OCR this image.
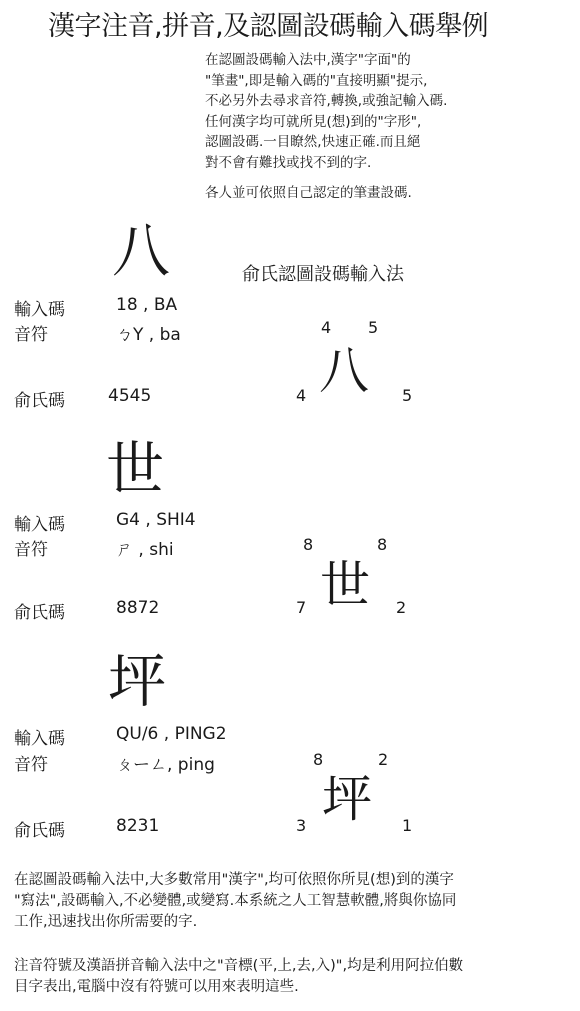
漢字注音,拼音,及認圖設碼輸入碼舉例
在認圖設碼輸入法中,漢字"字面"的
"筆畫",即是輸入碼的"直接明顯"提示,
不必另外去尋求音符,轉換,或強記輸入碼.
任何漢字均可就所見(想)到的"字形",
認圖設碼.一目瞭然,快速正確.而且絕
對不會有難找或找不到的字.
各人並可依照自己認定的筆畫設碼.
俞氏認圖設碼輸入法
八
輸入碼	18 , BA
音符	ㄅY , ba
俞氏碼	4545
4 5
4	5
八
世
輸入碼	G4 , SHI4
音符	ㄕ , shi
俞氏碼	8872
8	8
7	2
世
坪
輸入碼	QU/6 , PING2
音符	ㄆーㄥ, ping
俞氏碼	8231
8	2
3	1
坪
在認圖設碼輸入法中,大多數常用"漢字",均可依照你所見(想)到的漢字
"寫法",設碼輸入,不必變體,或變寫.本系統之人工智慧軟體,將與你協同
工作,迅速找出你所需要的字.
注音符號及漢語拼音輸入法中之"音標(平,上,去,入)",均是利用阿拉伯數
目字表出,電腦中沒有符號可以用來表明這些.
